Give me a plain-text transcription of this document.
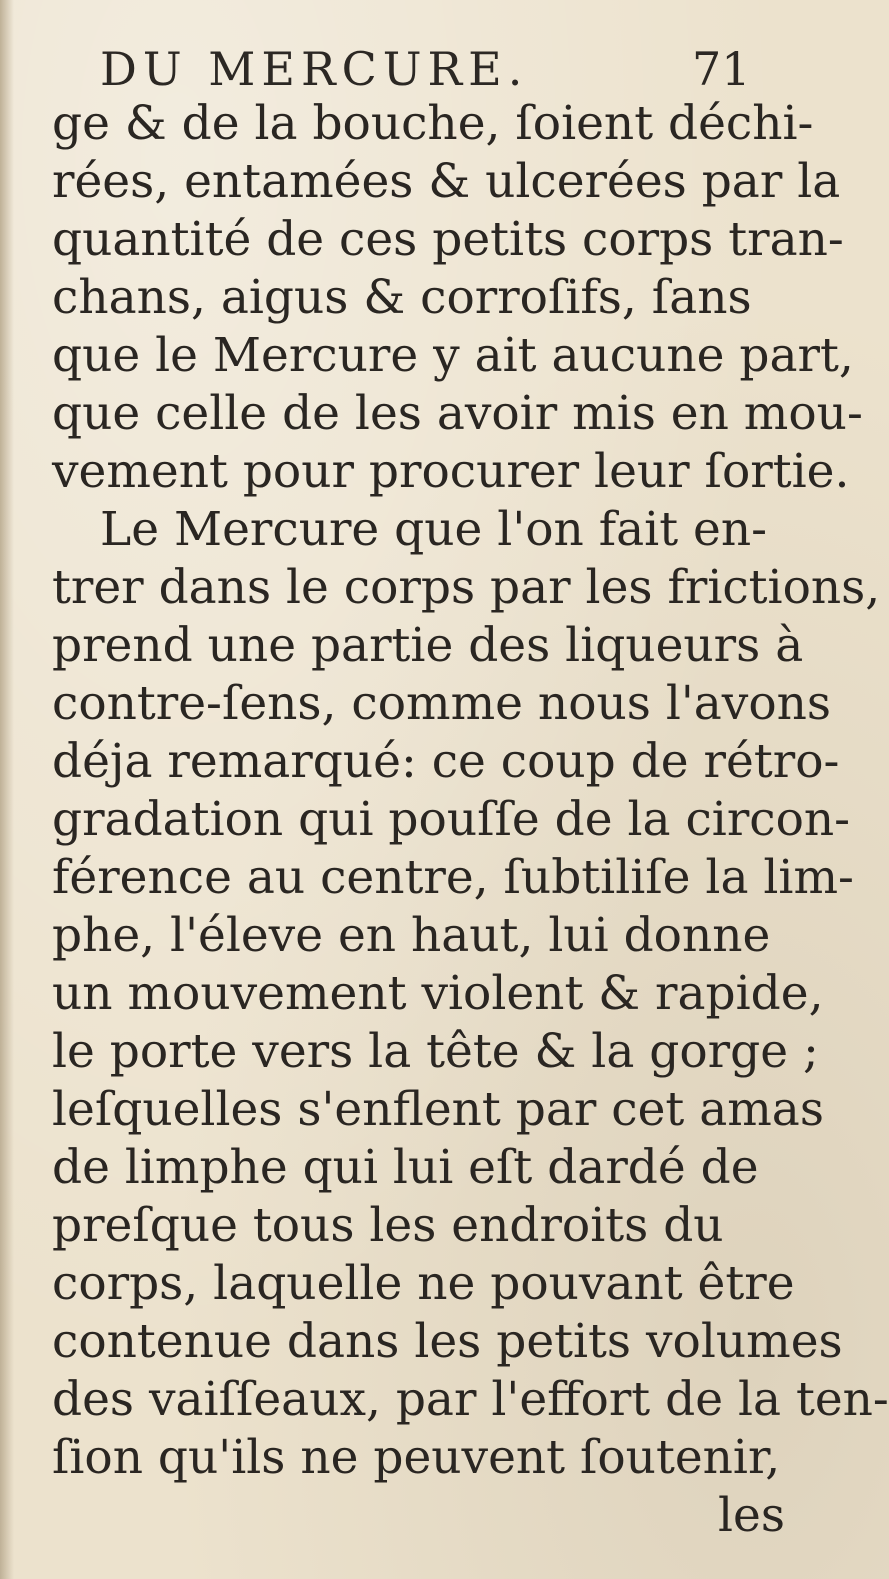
DU MERCURE.	71
ge & de la bouche, ſoient déchi-
rées, entamées & ulcerées par la
quantité de ces petits corps tran-
chans, aigus & corroſifs, ſans
que le Mercure y ait aucune part,
que celle de les avoir mis en mou-
vement pour procurer leur ſortie.
Le Mercure que l'on fait en-
trer dans le corps par les frictions,
prend une partie des liqueurs à
contre-ſens, comme nous l'avons
déja remarqué: ce coup de rétro-
gradation qui pouſſe de la circon-
férence au centre, ſubtiliſe la lim-
phe, l'éleve en haut, lui donne
un mouvement violent & rapide,
le porte vers la tête & la gorge ;
leſquelles s'enflent par cet amas
de limphe qui lui eſt dardé de
preſque tous les endroits du
corps, laquelle ne pouvant être
contenue dans les petits volumes
des vaiſſeaux, par l'effort de la ten-
ſion qu'ils ne peuvent ſoutenir,
les
